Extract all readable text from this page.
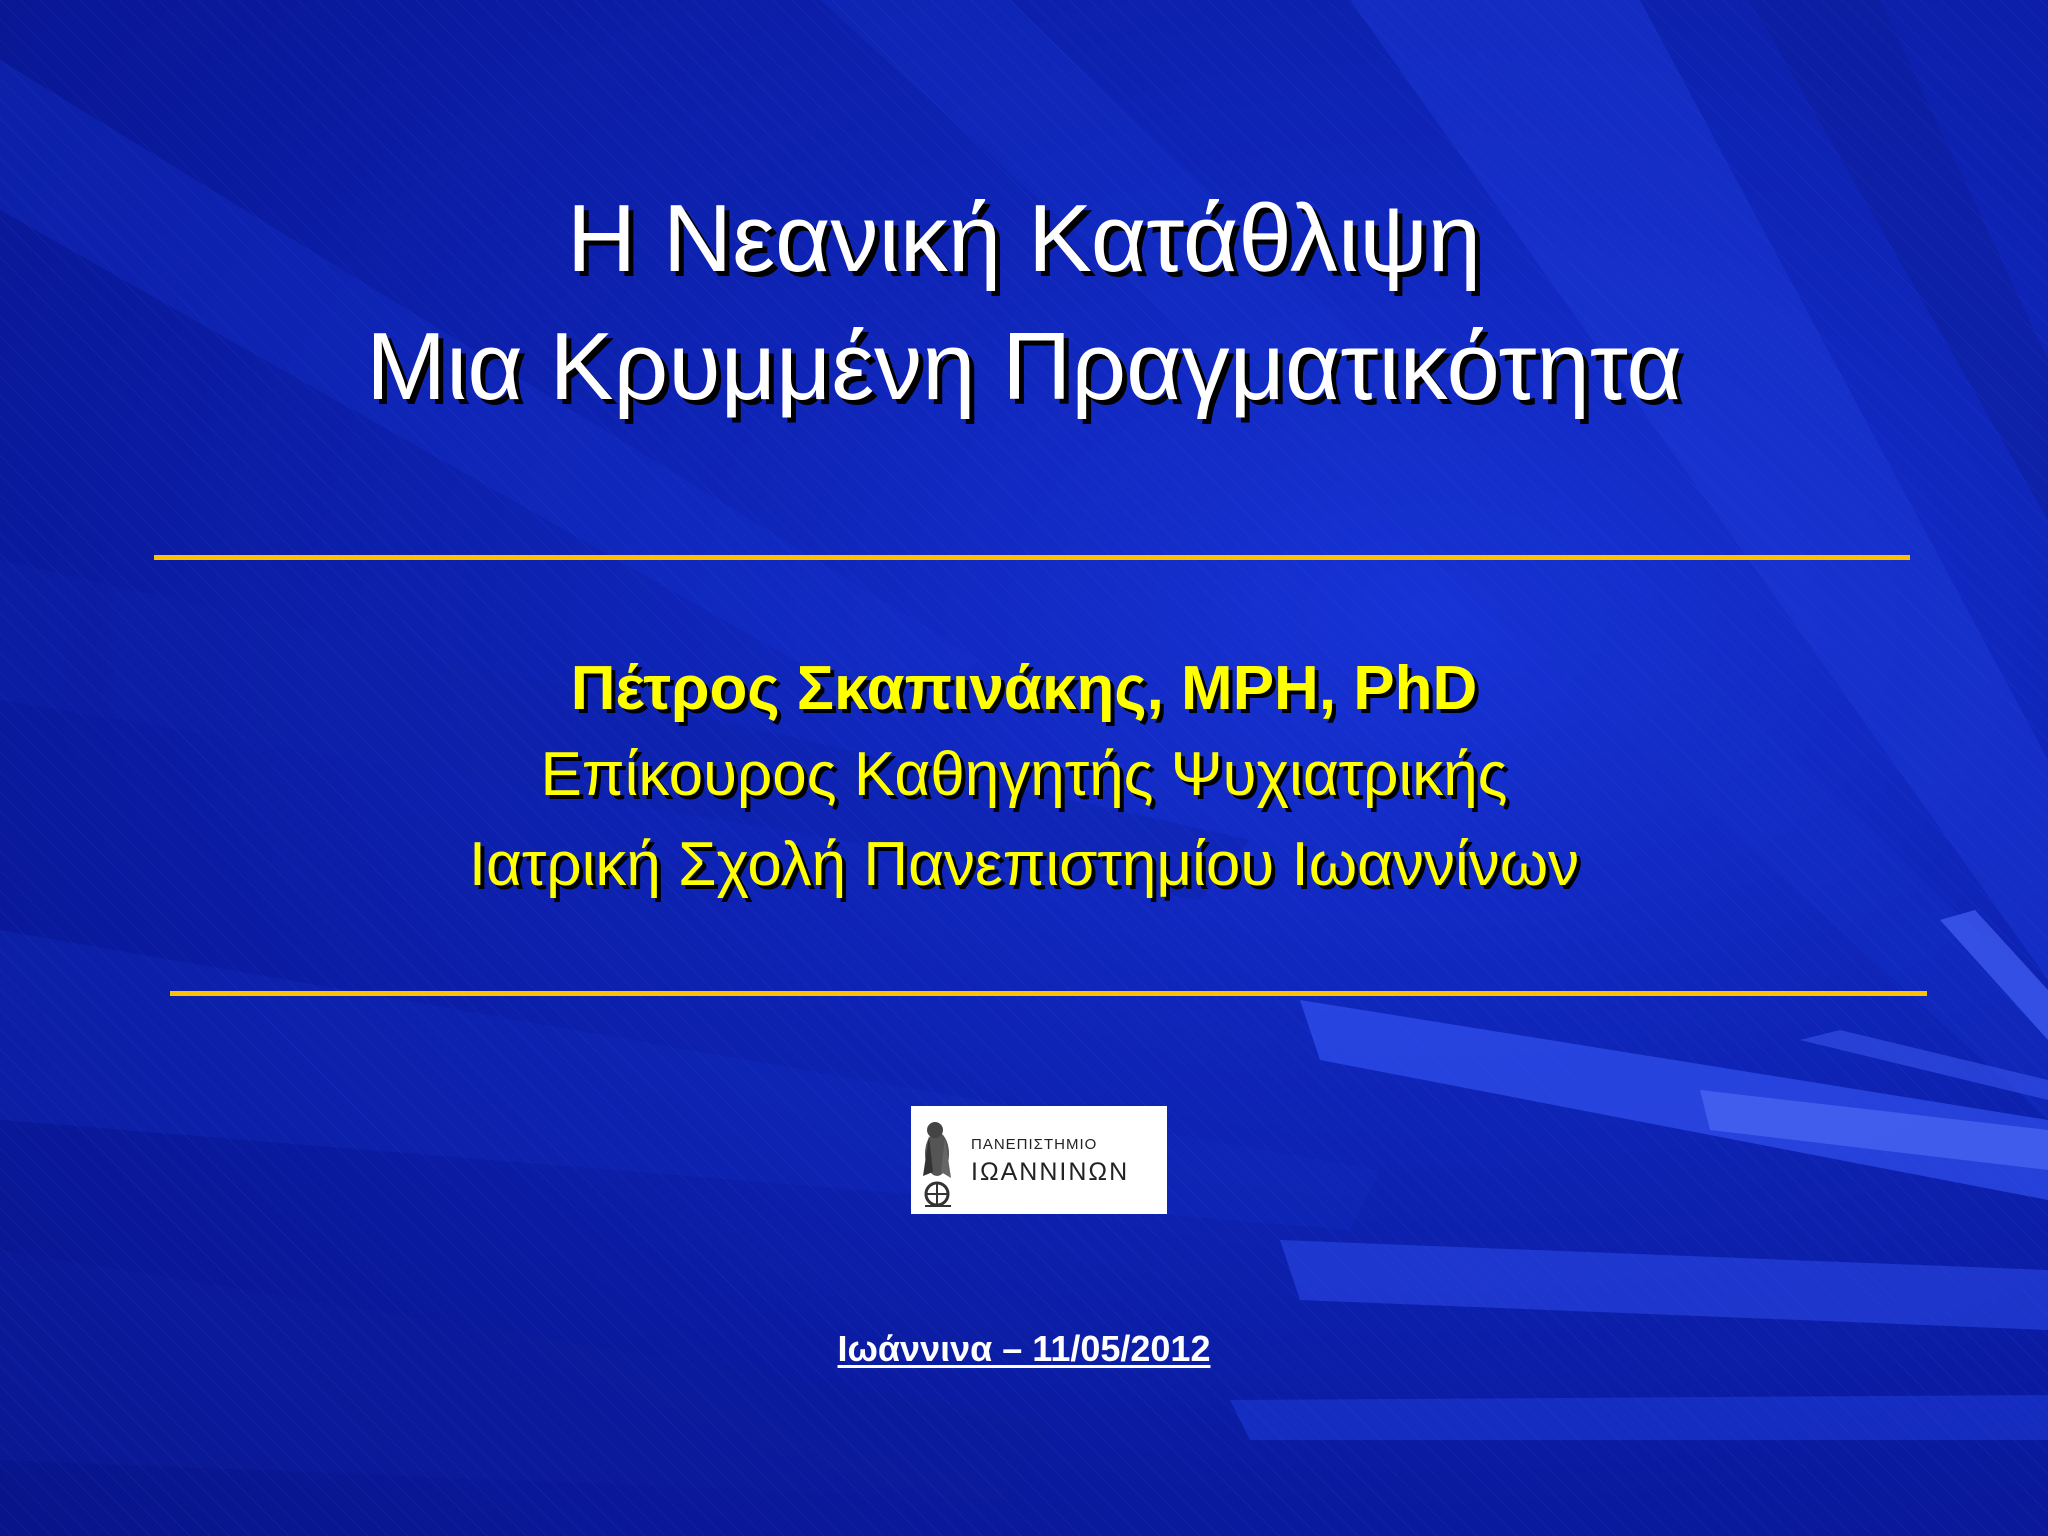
Η Νεανική Κατάθλιψη
Μια Κρυμμένη Πραγματικότητα
Πέτρος Σκαπινάκης, MPH, PhD
Επίκουρος Καθηγητής Ψυχιατρικής
Ιατρική Σχολή Πανεπιστημίου Ιωαννίνων
ΠΑΝΕΠΙΣΤΗΜΙΟ
ΙΩΑΝΝΙΝΩΝ
Ιωάννινα – 11/05/2012
